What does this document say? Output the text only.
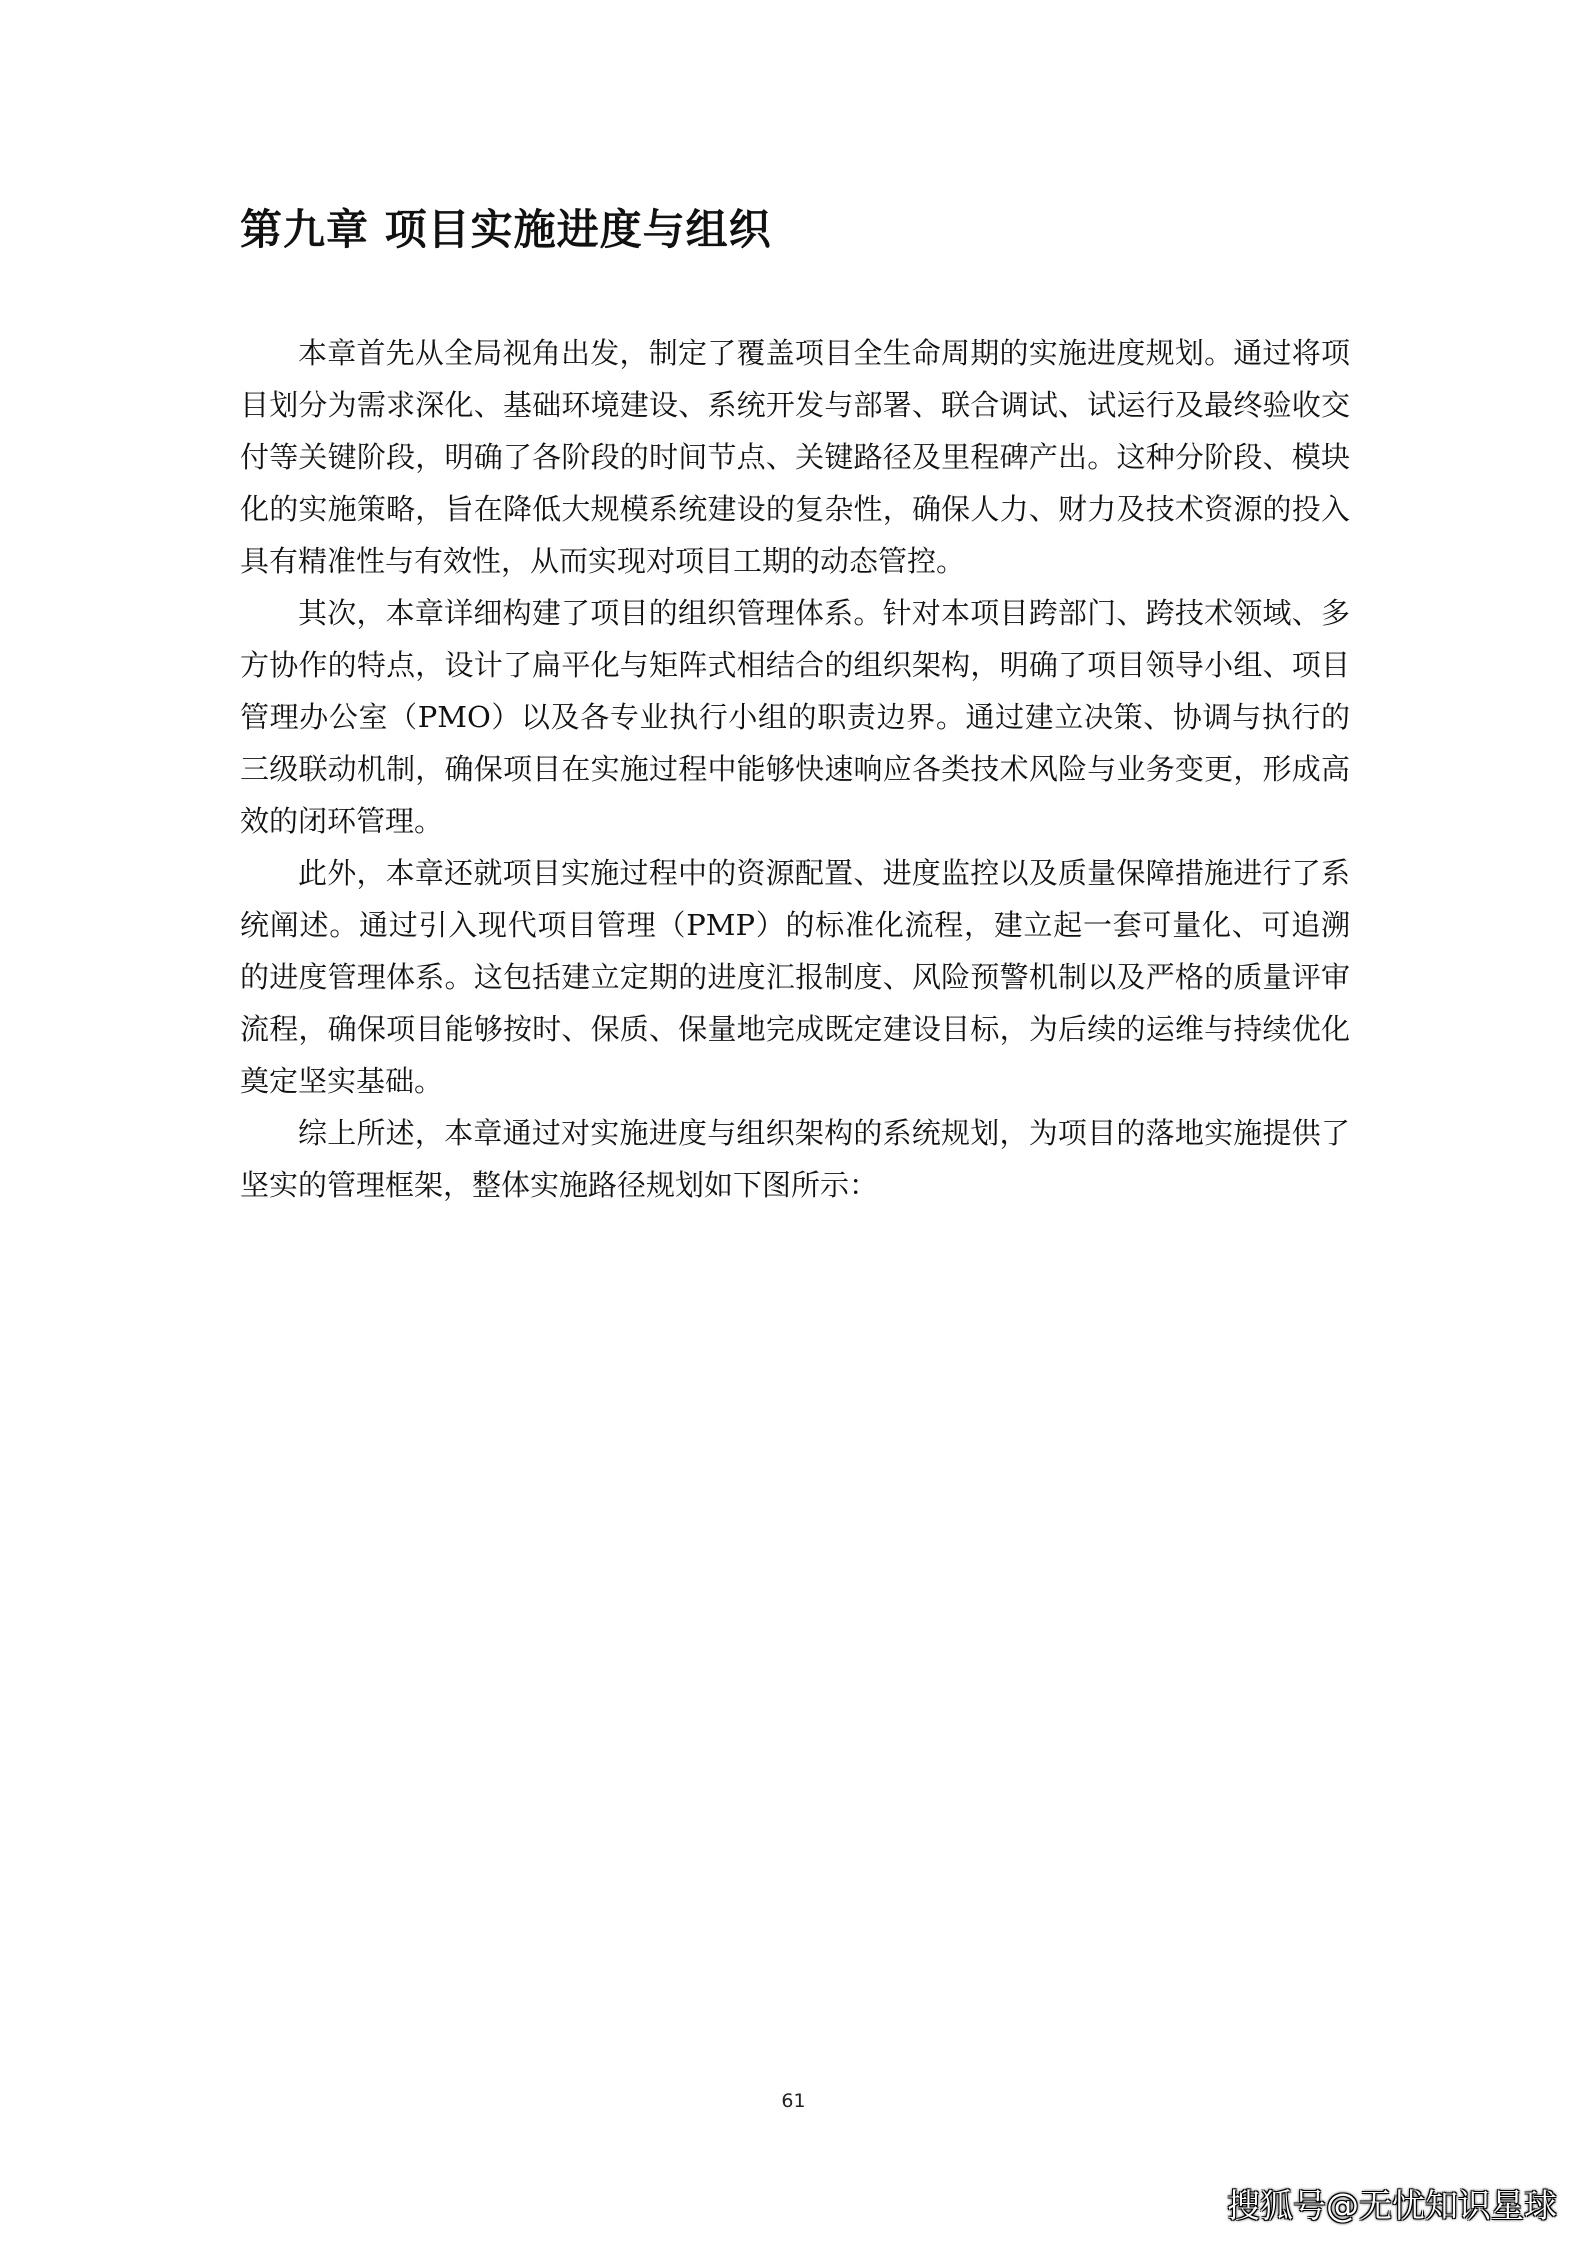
第九章 项目实施进度与组织

本章首先从全局视角出发，制定了覆盖项目全生命周期的实施进度规划。通过将项目划分为需求深化、基础环境建设、系统开发与部署、联合调试、试运行及最终验收交付等关键阶段，明确了各阶段的时间节点、关键路径及里程碑产出。这种分阶段、模块化的实施策略，旨在降低大规模系统建设的复杂性，确保人力、财力及技术资源的投入具有精准性与有效性，从而实现对项目工期的动态管控。

其次，本章详细构建了项目的组织管理体系。针对本项目跨部门、跨技术领域、多方协作的特点，设计了扁平化与矩阵式相结合的组织架构，明确了项目领导小组、项目管理办公室（PMO）以及各专业执行小组的职责边界。通过建立决策、协调与执行的三级联动机制，确保项目在实施过程中能够快速响应各类技术风险与业务变更，形成高效的闭环管理。

此外，本章还就项目实施过程中的资源配置、进度监控以及质量保障措施进行了系统阐述。通过引入现代项目管理（PMP）的标准化流程，建立起一套可量化、可追溯的进度管理体系。这包括建立定期的进度汇报制度、风险预警机制以及严格的质量评审流程，确保项目能够按时、保质、保量地完成既定建设目标，为后续的运维与持续优化奠定坚实基础。

综上所述，本章通过对实施进度与组织架构的系统规划，为项目的落地实施提供了坚实的管理框架，整体实施路径规划如下图所示：

61
搜狐号@无忧知识星球
